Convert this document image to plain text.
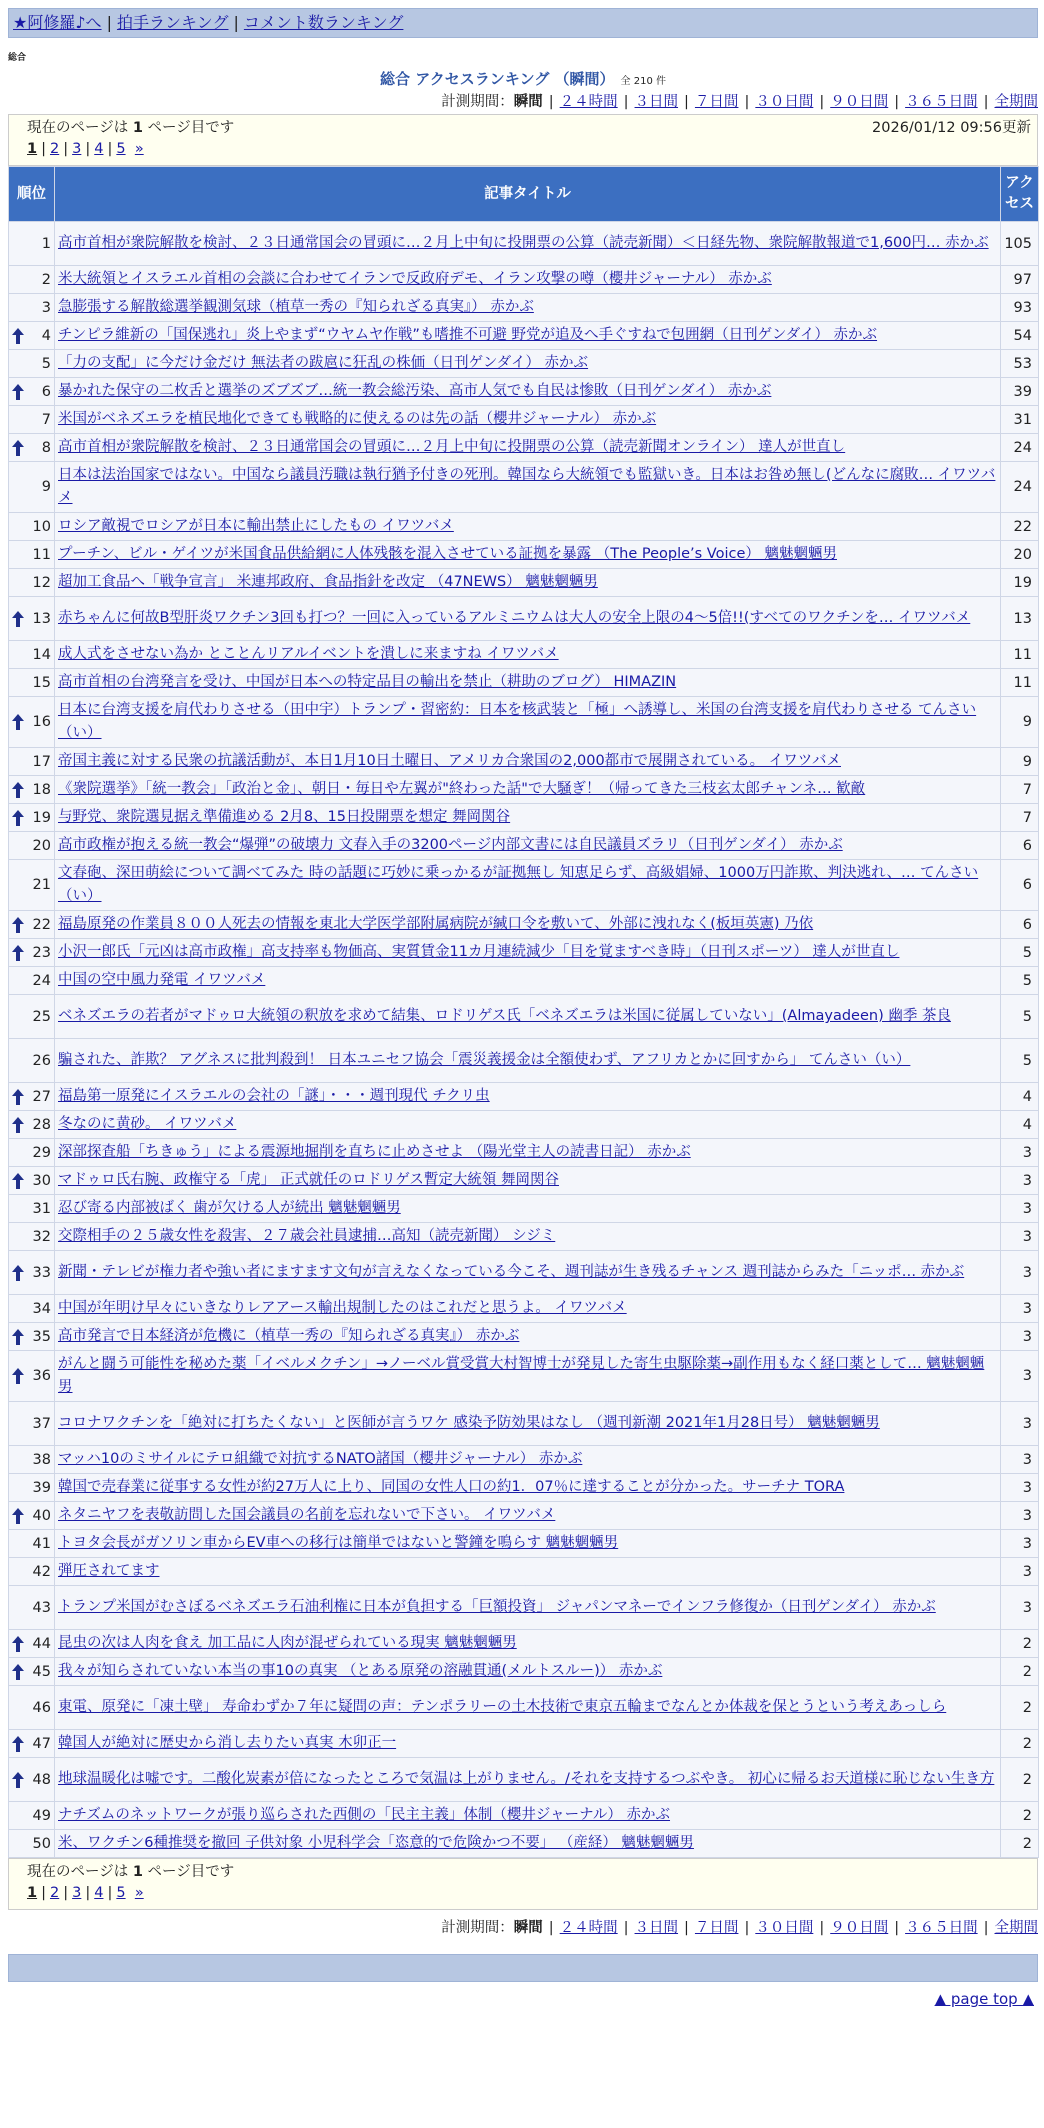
★阿修羅♪へ | 拍手ランキング | コメント数ランキング
総合
総合 アクセスランキング （瞬間） 全 210 件
計測期間：瞬間 | ２４時間 | ３日間 | ７日間 | ３０日間 | ９０日間 | ３６５日間 | 全期間
現在のページは 1 ページ目です	2026/01/12 09:56更新
1 | 2 | 3 | 4 | 5 »
順位	記事タイトル	アクセス
1	高市首相が衆院解散を検討、２３日通常国会の冒頭に…２月上中旬に投開票の公算（読売新聞）＜日経先物、衆院解散報道で1,600円… 赤かぶ	105
2	米大統領とイスラエル首相の会談に合わせてイランで反政府デモ、イラン攻撃の噂（櫻井ジャーナル） 赤かぶ	97
3	急膨張する解散総選挙観測気球（植草一秀の『知られざる真実』） 赤かぶ	93

4	チンピラ維新の「国保逃れ」炎上やまず“ウヤムヤ作戦”も嗜推不可避 野党が追及へ手ぐすねで包囲網（日刊ゲンダイ） 赤かぶ	54
5	「力の支配」に今だけ金だけ 無法者の跋扈に狂乱の株価（日刊ゲンダイ） 赤かぶ	53

6	暴かれた保守の二枚舌と選挙のズブズブ…統一教会総汚染、高市人気でも自民は惨敗（日刊ゲンダイ） 赤かぶ	39
7	米国がベネズエラを植民地化できても戦略的に使えるのは先の話（櫻井ジャーナル） 赤かぶ	31

8	高市首相が衆院解散を検討、２３日通常国会の冒頭に…２月上中旬に投開票の公算（読売新聞オンライン） 達人が世直し	24
9	日本は法治国家ではない。中国なら議員汚職は執行猶予付きの死刑。韓国なら大統領でも監獄いき。日本はお咎め無し(どんなに腐敗… イワツバメ	24
10	ロシア敵視でロシアが日本に輸出禁止にしたもの イワツバメ	22
11	プーチン、ビル・ゲイツが米国食品供給網に人体残骸を混入させている証拠を暴露 （The People’s Voice） 魑魅魍魎男	20
12	超加工食品へ「戦争宣言」 米連邦政府、食品指針を改定 （47NEWS） 魑魅魍魎男	19

13	赤ちゃんに何故B型肝炎ワクチン3回も打つ？一回に入っているアルミニウムは大人の安全上限の4～5倍!!(すべてのワクチンを… イワツバメ	13
14	成人式をさせない為か とことんリアルイベントを潰しに来ますね イワツバメ	11
15	高市首相の台湾発言を受け、中国が日本への特定品目の輸出を禁止（耕助のブログ） HIMAZIN	11

16	日本に台湾支援を肩代わりさせる（田中宇）トランプ・習密約：日本を核武装と「極」へ誘導し、米国の台湾支援を肩代わりさせる てんさい（い）	9
17	帝国主義に対する民衆の抗議活動が、本日1月10日土曜日、アメリカ合衆国の2,000都市で展開されている。 イワツバメ	9

18	《衆院選挙》「統一教会」「政治と金」、朝日・毎日や左翼が"終わった話"で大騒ぎ！（帰ってきた三枝玄太郎チャンネ… 歓敵	7

19	与野党、衆院選見据え準備進める 2月8、15日投開票を想定 舞岡関谷	7
20	高市政権が抱える統一教会“爆弾”の破壊力 文春入手の3200ページ内部文書には自民議員ズラリ（日刊ゲンダイ） 赤かぶ	6
21	文春砲、深田萌絵について調べてみた 時の話題に巧妙に乗っかるが証拠無し 知恵足らず、高級娼婦、1000万円詐欺、判決逃れ、… てんさい（い）	6

22	福島原発の作業員８００人死去の情報を東北大学医学部附属病院が緘口令を敷いて、外部に洩れなく(板垣英憲) 乃依	6

23	小沢一郎氏「元凶は高市政権」高支持率も物価高、実質賃金11カ月連続減少「目を覚ますべき時」（日刊スポーツ） 達人が世直し	5
24	中国の空中風力発電 イワツバメ	5
25	ベネズエラの若者がマドゥロ大統領の釈放を求めて結集、ロドリゲス氏「ベネズエラは米国に従属していない」(Almayadeen) 幽季 茶良	5
26	騙された、詐欺？ アグネスに批判殺到！ 日本ユニセフ協会「震災義援金は全額使わず、アフリカとかに回すから」 てんさい（い）	5

27	福島第一原発にイスラエルの会社の「謎」・・・週刊現代 チクリ虫	4

28	冬なのに黄砂。 イワツバメ	4
29	深部探査船「ちきゅう」による震源地掘削を直ちに止めさせよ （陽光堂主人の読書日記） 赤かぶ	3

30	マドゥロ氏右腕、政権守る「虎」 正式就任のロドリゲス暫定大統領 舞岡関谷	3
31	忍び寄る内部被ばく 歯が欠ける人が続出 魑魅魍魎男	3
32	交際相手の２５歳女性を殺害、２７歳会社員逮捕…高知（読売新聞） シジミ	3

33	新聞・テレビが権力者や強い者にますます文句が言えなくなっている今こそ、週刊誌が生き残るチャンス 週刊誌からみた「ニッポ… 赤かぶ	3
34	中国が年明け早々にいきなりレアアース輸出規制したのはこれだと思うよ。 イワツバメ	3

35	高市発言で日本経済が危機に（植草一秀の『知られざる真実』） 赤かぶ	3

36	がんと闘う可能性を秘めた薬「イベルメクチン」→ノーベル賞受賞大村智博士が発見した寄生虫駆除薬→副作用もなく経口薬として… 魑魅魍魎男	3
37	コロナワクチンを「絶対に打ちたくない」と医師が言うワケ 感染予防効果はなし （週刊新潮 2021年1月28日号） 魑魅魍魎男	3
38	マッハ10のミサイルにテロ組織で対抗するNATO諸国（櫻井ジャーナル） 赤かぶ	3
39	韓国で売春業に従事する女性が約27万人に上り、同国の女性人口の約1．07％に達することが分かった。サーチナ TORA	3

40	ネタニヤフを表敬訪問した国会議員の名前を忘れないで下さい。 イワツバメ	3
41	トヨタ会長がガソリン車からEV車への移行は簡単ではないと警鐘を鳴らす 魑魅魍魎男	3
42	弾圧されてます	3
43	トランプ米国がむさぼるベネズエラ石油利権に日本が負担する「巨額投資」 ジャパンマネーでインフラ修復か（日刊ゲンダイ） 赤かぶ	3

44	昆虫の次は人肉を食え 加工品に人肉が混ぜられている現実 魑魅魍魎男	2

45	我々が知らされていない本当の事10の真実 （とある原発の溶融貫通(メルトスルー)） 赤かぶ	2
46	東電、原発に「凍土壁」 寿命わずか７年に疑問の声：テンポラリーの土木技術で東京五輪までなんとか体裁を保とうという考えあっしら	2

47	韓国人が絶対に歴史から消し去りたい真実 木卯正一	2

48	地球温暖化は嘘です。二酸化炭素が倍になったところで気温は上がりません。/それを支持するつぶやき。 初心に帰るお天道様に恥じない生き方	2
49	ナチズムのネットワークが張り巡らされた西側の「民主主義」体制（櫻井ジャーナル） 赤かぶ	2
50	米、ワクチン6種推奨を撤回 子供対象 小児科学会「恣意的で危険かつ不要」 （産経） 魑魅魍魎男	2
現在のページは 1 ページ目です
1 | 2 | 3 | 4 | 5 »
計測期間：瞬間 | ２４時間 | ３日間 | ７日間 | ３０日間 | ９０日間 | ３６５日間 | 全期間
▲ page top ▲
